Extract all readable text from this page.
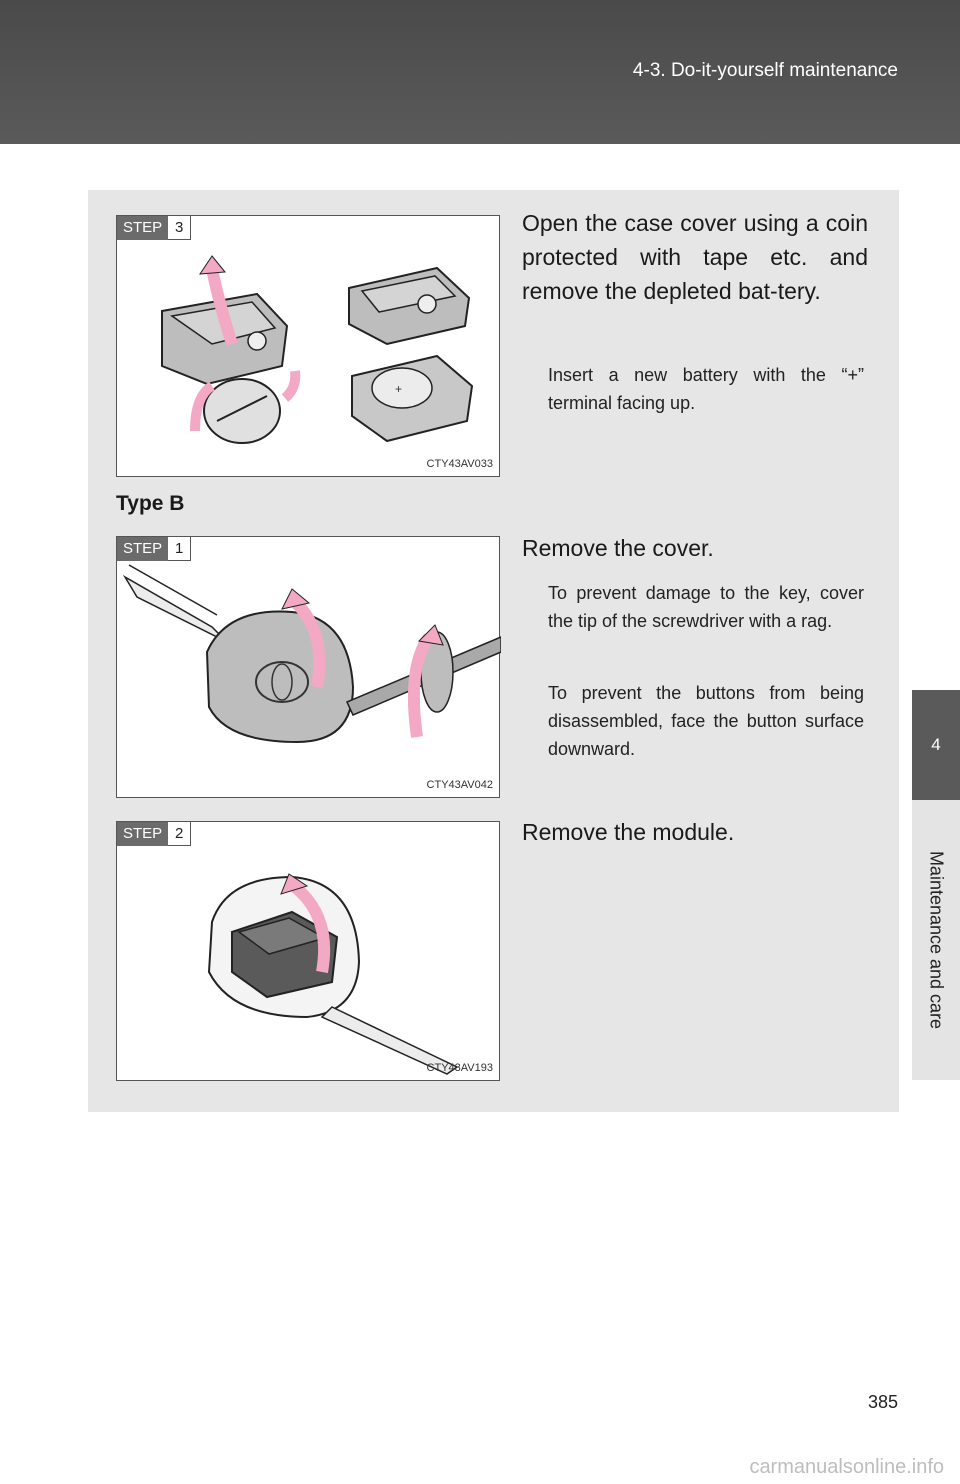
4-3. Do-it-yourself maintenance
4
Maintenance and care
+
STEP 3
CTY43AV033
Open the case cover using a coin protected with tape etc. and remove the depleted bat-tery.
Insert a new battery with the “+” terminal facing up.
Type B
STEP 1
CTY43AV042
Remove the cover.
To prevent damage to the key, cover the tip of the screwdriver with a rag.
To prevent the buttons from being disassembled, face the button surface downward.
STEP 2
CTY43AV193
Remove the module.
385
carmanualsonline.info
